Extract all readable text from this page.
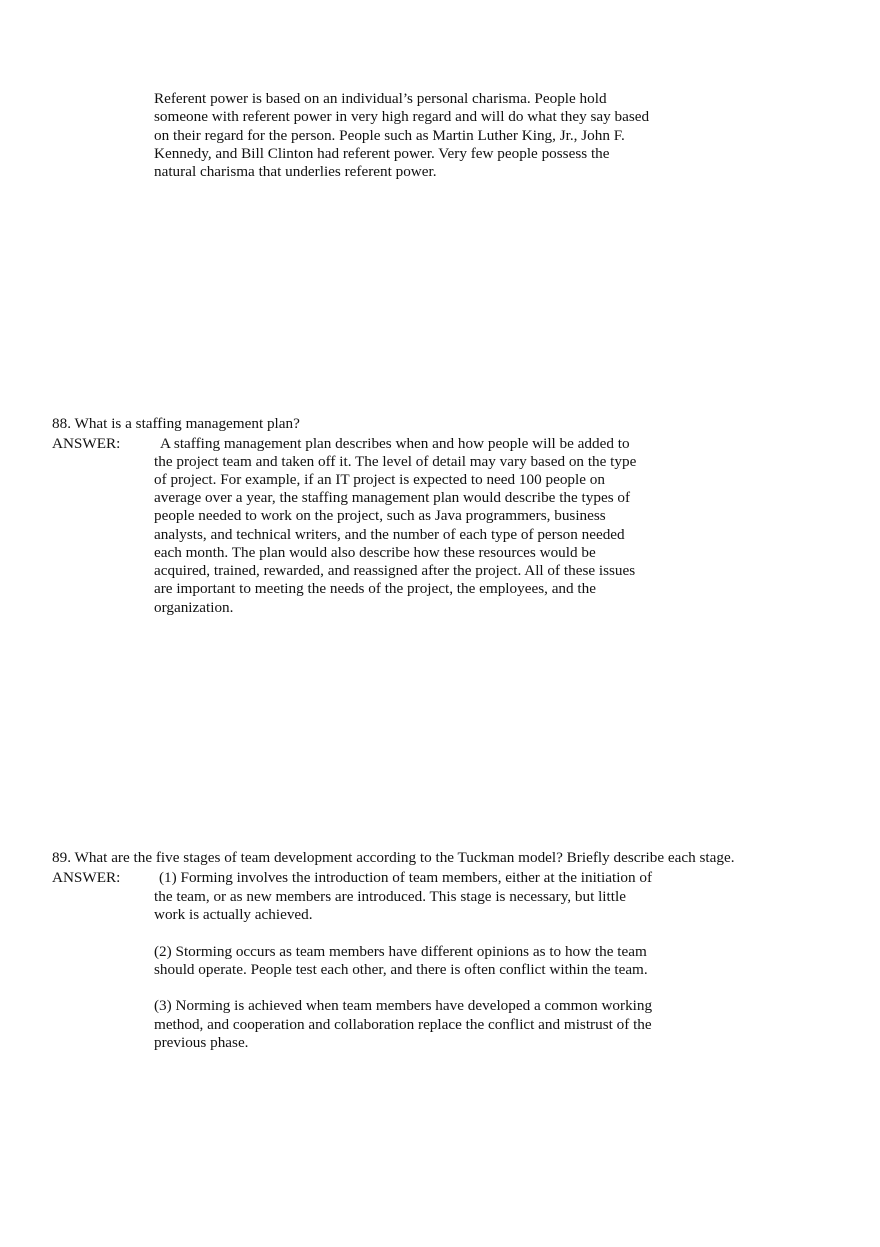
Referent power is based on an individual’s personal charisma. People hold

someone with referent power in very high regard and will do what they say based

on their regard for the person. People such as Martin Luther King, Jr., John F.

Kennedy, and Bill Clinton had referent power. Very few people possess the

natural charisma that underlies referent power.

88. What is a staffing management plan?

ANSWER:	A staffing management plan describes when and how people will be added to

the project team and taken off it. The level of detail may vary based on the type

of project. For example, if an IT project is expected to need 100 people on

average over a year, the staffing management plan would describe the types of

people needed to work on the project, such as Java programmers, business

analysts, and technical writers, and the number of each type of person needed

each month. The plan would also describe how these resources would be

acquired, trained, rewarded, and reassigned after the project. All of these issues

are important to meeting the needs of the project, the employees, and the

organization.

89. What are the five stages of team development according to the Tuckman model? Briefly describe each stage.

ANSWER:	(1) Forming involves the introduction of team members, either at the initiation of

the team, or as new members are introduced. This stage is necessary, but little

work is actually achieved.

(2) Storming occurs as team members have different opinions as to how the team

should operate. People test each other, and there is often conflict within the team.

(3) Norming is achieved when team members have developed a common working

method, and cooperation and collaboration replace the conflict and mistrust of the

previous phase.
